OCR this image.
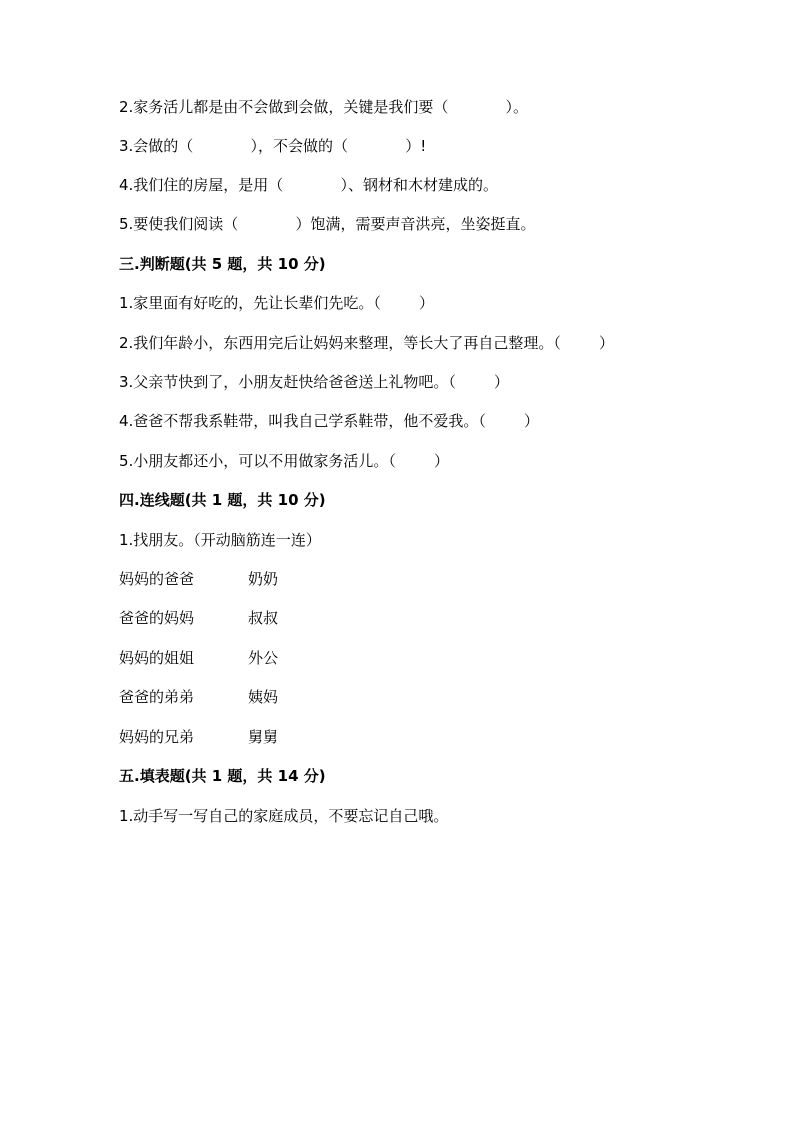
2.家务活儿都是由不会做到会做，关键是我们要（            ）。
3.会做的（            ），不会做的（            ）!
4.我们住的房屋，是用（            ）、钢材和木材建成的。
5.要使我们阅读（            ）饱满，需要声音洪亮，坐姿挺直。
三.判断题(共 5 题，共 10 分)
1.家里面有好吃的，先让长辈们先吃。（        ）
2.我们年龄小，东西用完后让妈妈来整理，等长大了再自己整理。（        ）
3.父亲节快到了，小朋友赶快给爸爸送上礼物吧。（        ）
4.爸爸不帮我系鞋带，叫我自己学系鞋带，他不爱我。（        ）
5.小朋友都还小，可以不用做家务活儿。（        ）
四.连线题(共 1 题，共 10 分)
1.找朋友。（开动脑筋连一连）
妈妈的爸爸	奶奶
爸爸的妈妈	叔叔
妈妈的姐姐	外公
爸爸的弟弟	姨妈
妈妈的兄弟	舅舅
五.填表题(共 1 题，共 14 分)
1.动手写一写自己的家庭成员，不要忘记自己哦。
